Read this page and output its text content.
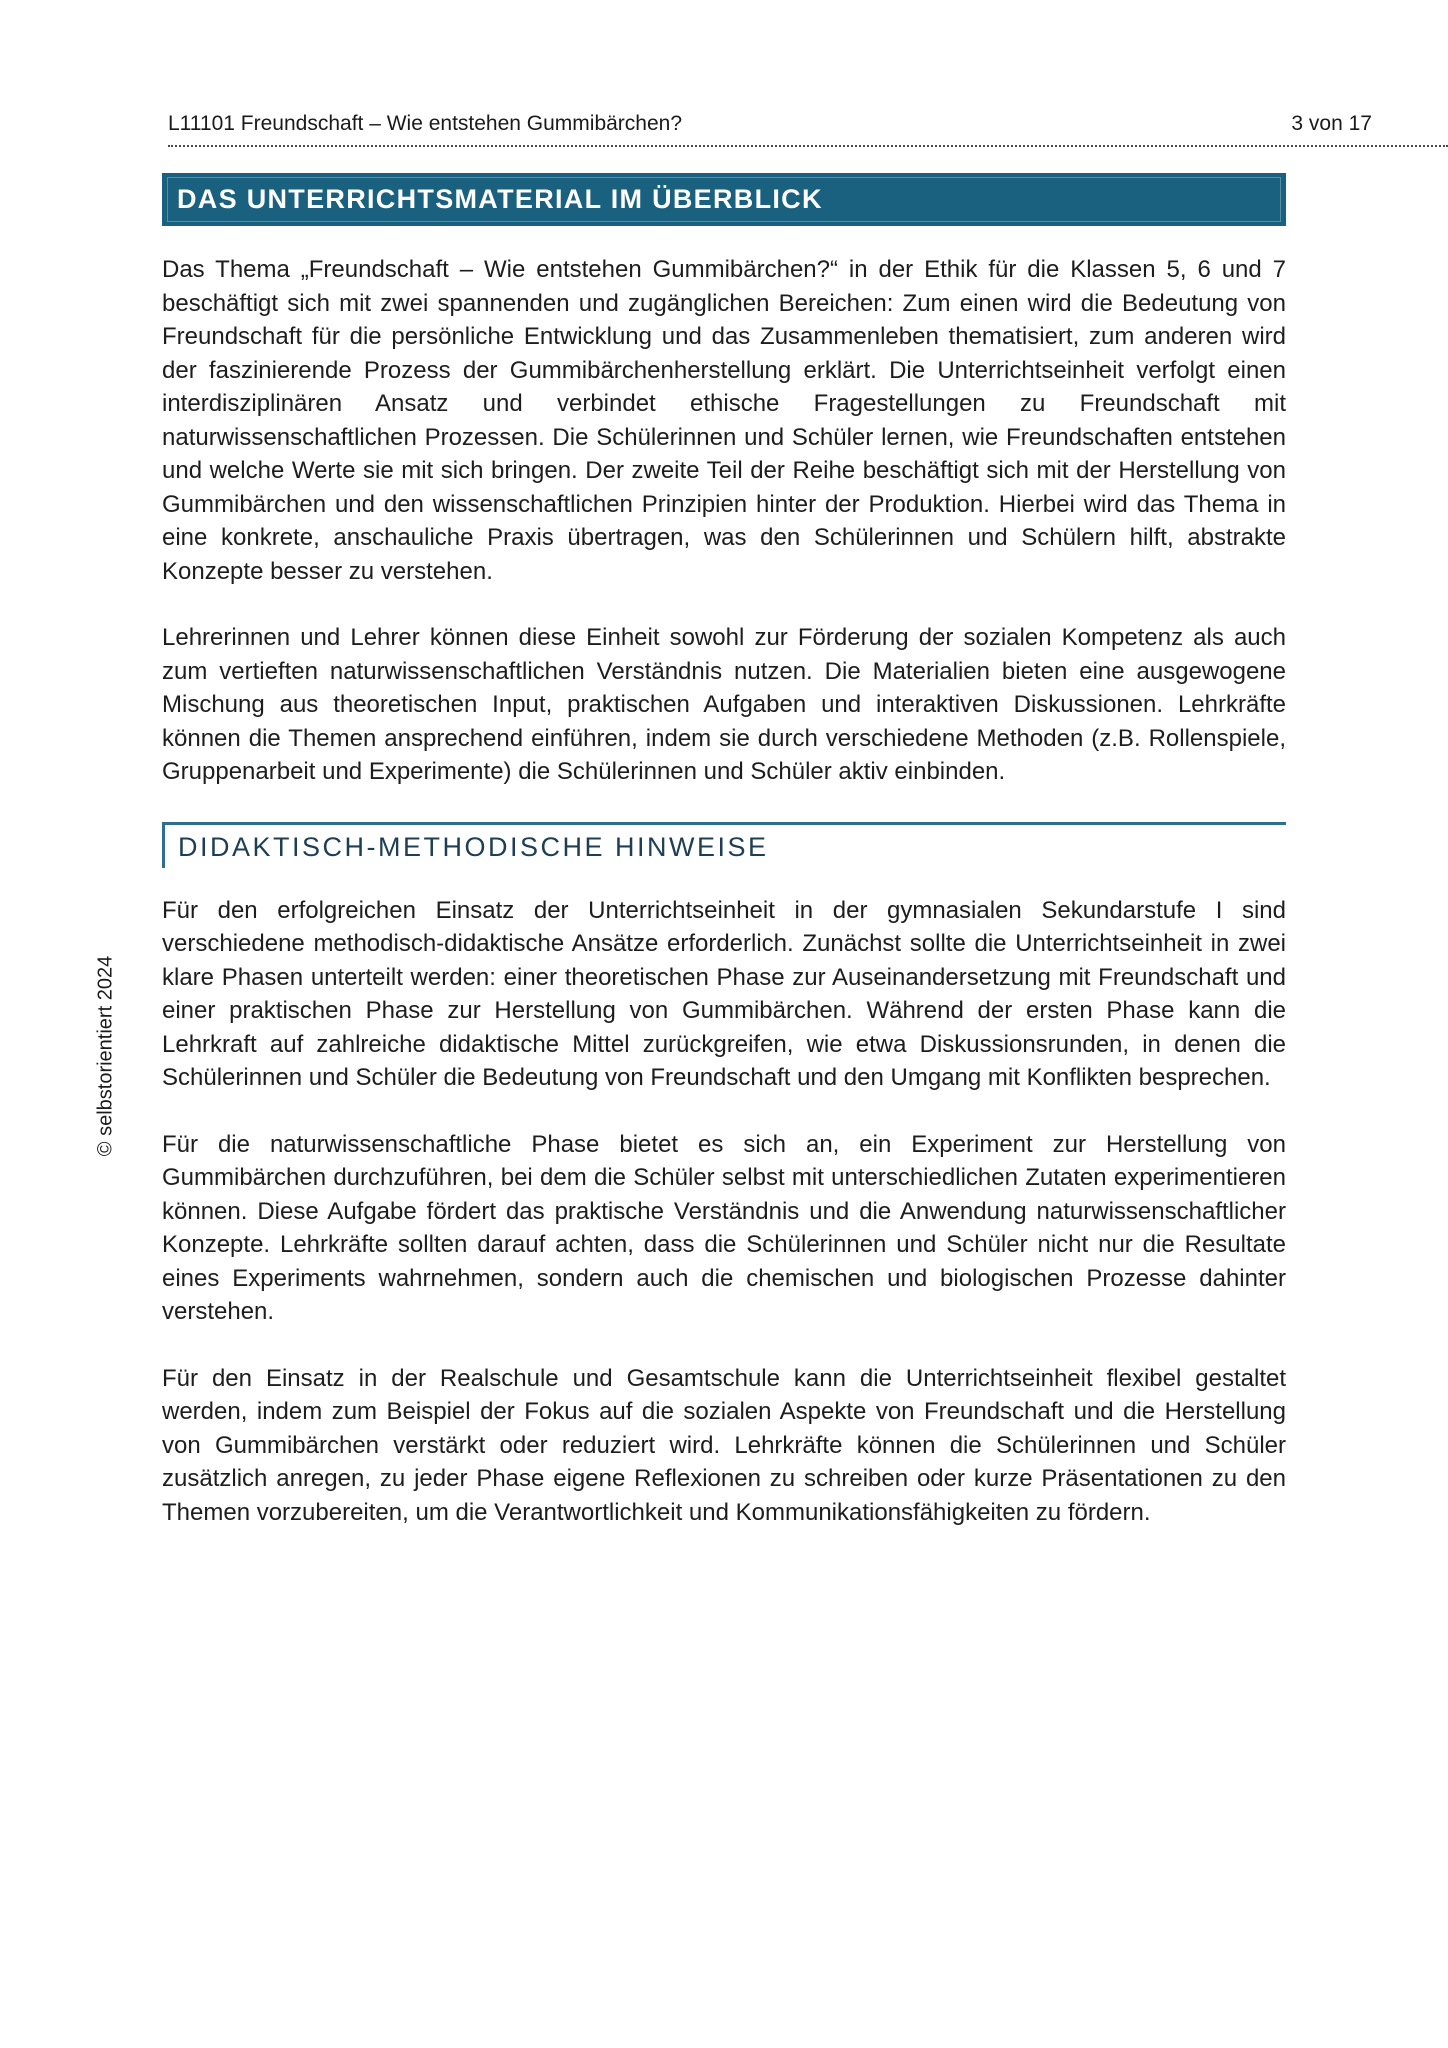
L11101 Freundschaft – Wie entstehen Gummibärchen?	3 von 17
DAS UNTERRICHTSMATERIAL IM ÜBERBLICK

Das Thema „Freundschaft – Wie entstehen Gummibärchen?“ in der Ethik für die Klassen 5, 6 und 7 beschäftigt sich mit zwei spannenden und zugänglichen Bereichen: Zum einen wird die Bedeutung von Freundschaft für die persönliche Entwicklung und das Zusammenleben thematisiert, zum anderen wird der faszinierende Prozess der Gummibärchenherstellung erklärt. Die Unterrichtseinheit verfolgt einen interdisziplinären Ansatz und verbindet ethische Fragestellungen zu Freundschaft mit naturwissenschaftlichen Prozessen. Die Schülerinnen und Schüler lernen, wie Freundschaften entstehen und welche Werte sie mit sich bringen. Der zweite Teil der Reihe beschäftigt sich mit der Herstellung von Gummibärchen und den wissenschaftlichen Prinzipien hinter der Produktion. Hierbei wird das Thema in eine konkrete, anschauliche Praxis übertragen, was den Schülerinnen und Schülern hilft, abstrakte Konzepte besser zu verstehen.

Lehrerinnen und Lehrer können diese Einheit sowohl zur Förderung der sozialen Kompetenz als auch zum vertieften naturwissenschaftlichen Verständnis nutzen. Die Materialien bieten eine ausgewogene Mischung aus theoretischen Input, praktischen Aufgaben und interaktiven Diskussionen. Lehrkräfte können die Themen ansprechend einführen, indem sie durch verschiedene Methoden (z.B. Rollenspiele, Gruppenarbeit und Experimente) die Schülerinnen und Schüler aktiv einbinden.

DIDAKTISCH-METHODISCHE HINWEISE

Für den erfolgreichen Einsatz der Unterrichtseinheit in der gymnasialen Sekundarstufe I sind verschiedene methodisch-didaktische Ansätze erforderlich. Zunächst sollte die Unterrichtseinheit in zwei klare Phasen unterteilt werden: einer theoretischen Phase zur Auseinandersetzung mit Freundschaft und einer praktischen Phase zur Herstellung von Gummibärchen. Während der ersten Phase kann die Lehrkraft auf zahlreiche didaktische Mittel zurückgreifen, wie etwa Diskussionsrunden, in denen die Schülerinnen und Schüler die Bedeutung von Freundschaft und den Umgang mit Konflikten besprechen.

Für die naturwissenschaftliche Phase bietet es sich an, ein Experiment zur Herstellung von Gummibärchen durchzuführen, bei dem die Schüler selbst mit unterschiedlichen Zutaten experimentieren können. Diese Aufgabe fördert das praktische Verständnis und die Anwendung naturwissenschaftlicher Konzepte. Lehrkräfte sollten darauf achten, dass die Schülerinnen und Schüler nicht nur die Resultate eines Experiments wahrnehmen, sondern auch die chemischen und biologischen Prozesse dahinter verstehen.

Für den Einsatz in der Realschule und Gesamtschule kann die Unterrichtseinheit flexibel gestaltet werden, indem zum Beispiel der Fokus auf die sozialen Aspekte von Freundschaft und die Herstellung von Gummibärchen verstärkt oder reduziert wird. Lehrkräfte können die Schülerinnen und Schüler zusätzlich anregen, zu jeder Phase eigene Reflexionen zu schreiben oder kurze Präsentationen zu den Themen vorzubereiten, um die Verantwortlichkeit und Kommunikationsfähigkeiten zu fördern.

© selbstorientiert 2024
